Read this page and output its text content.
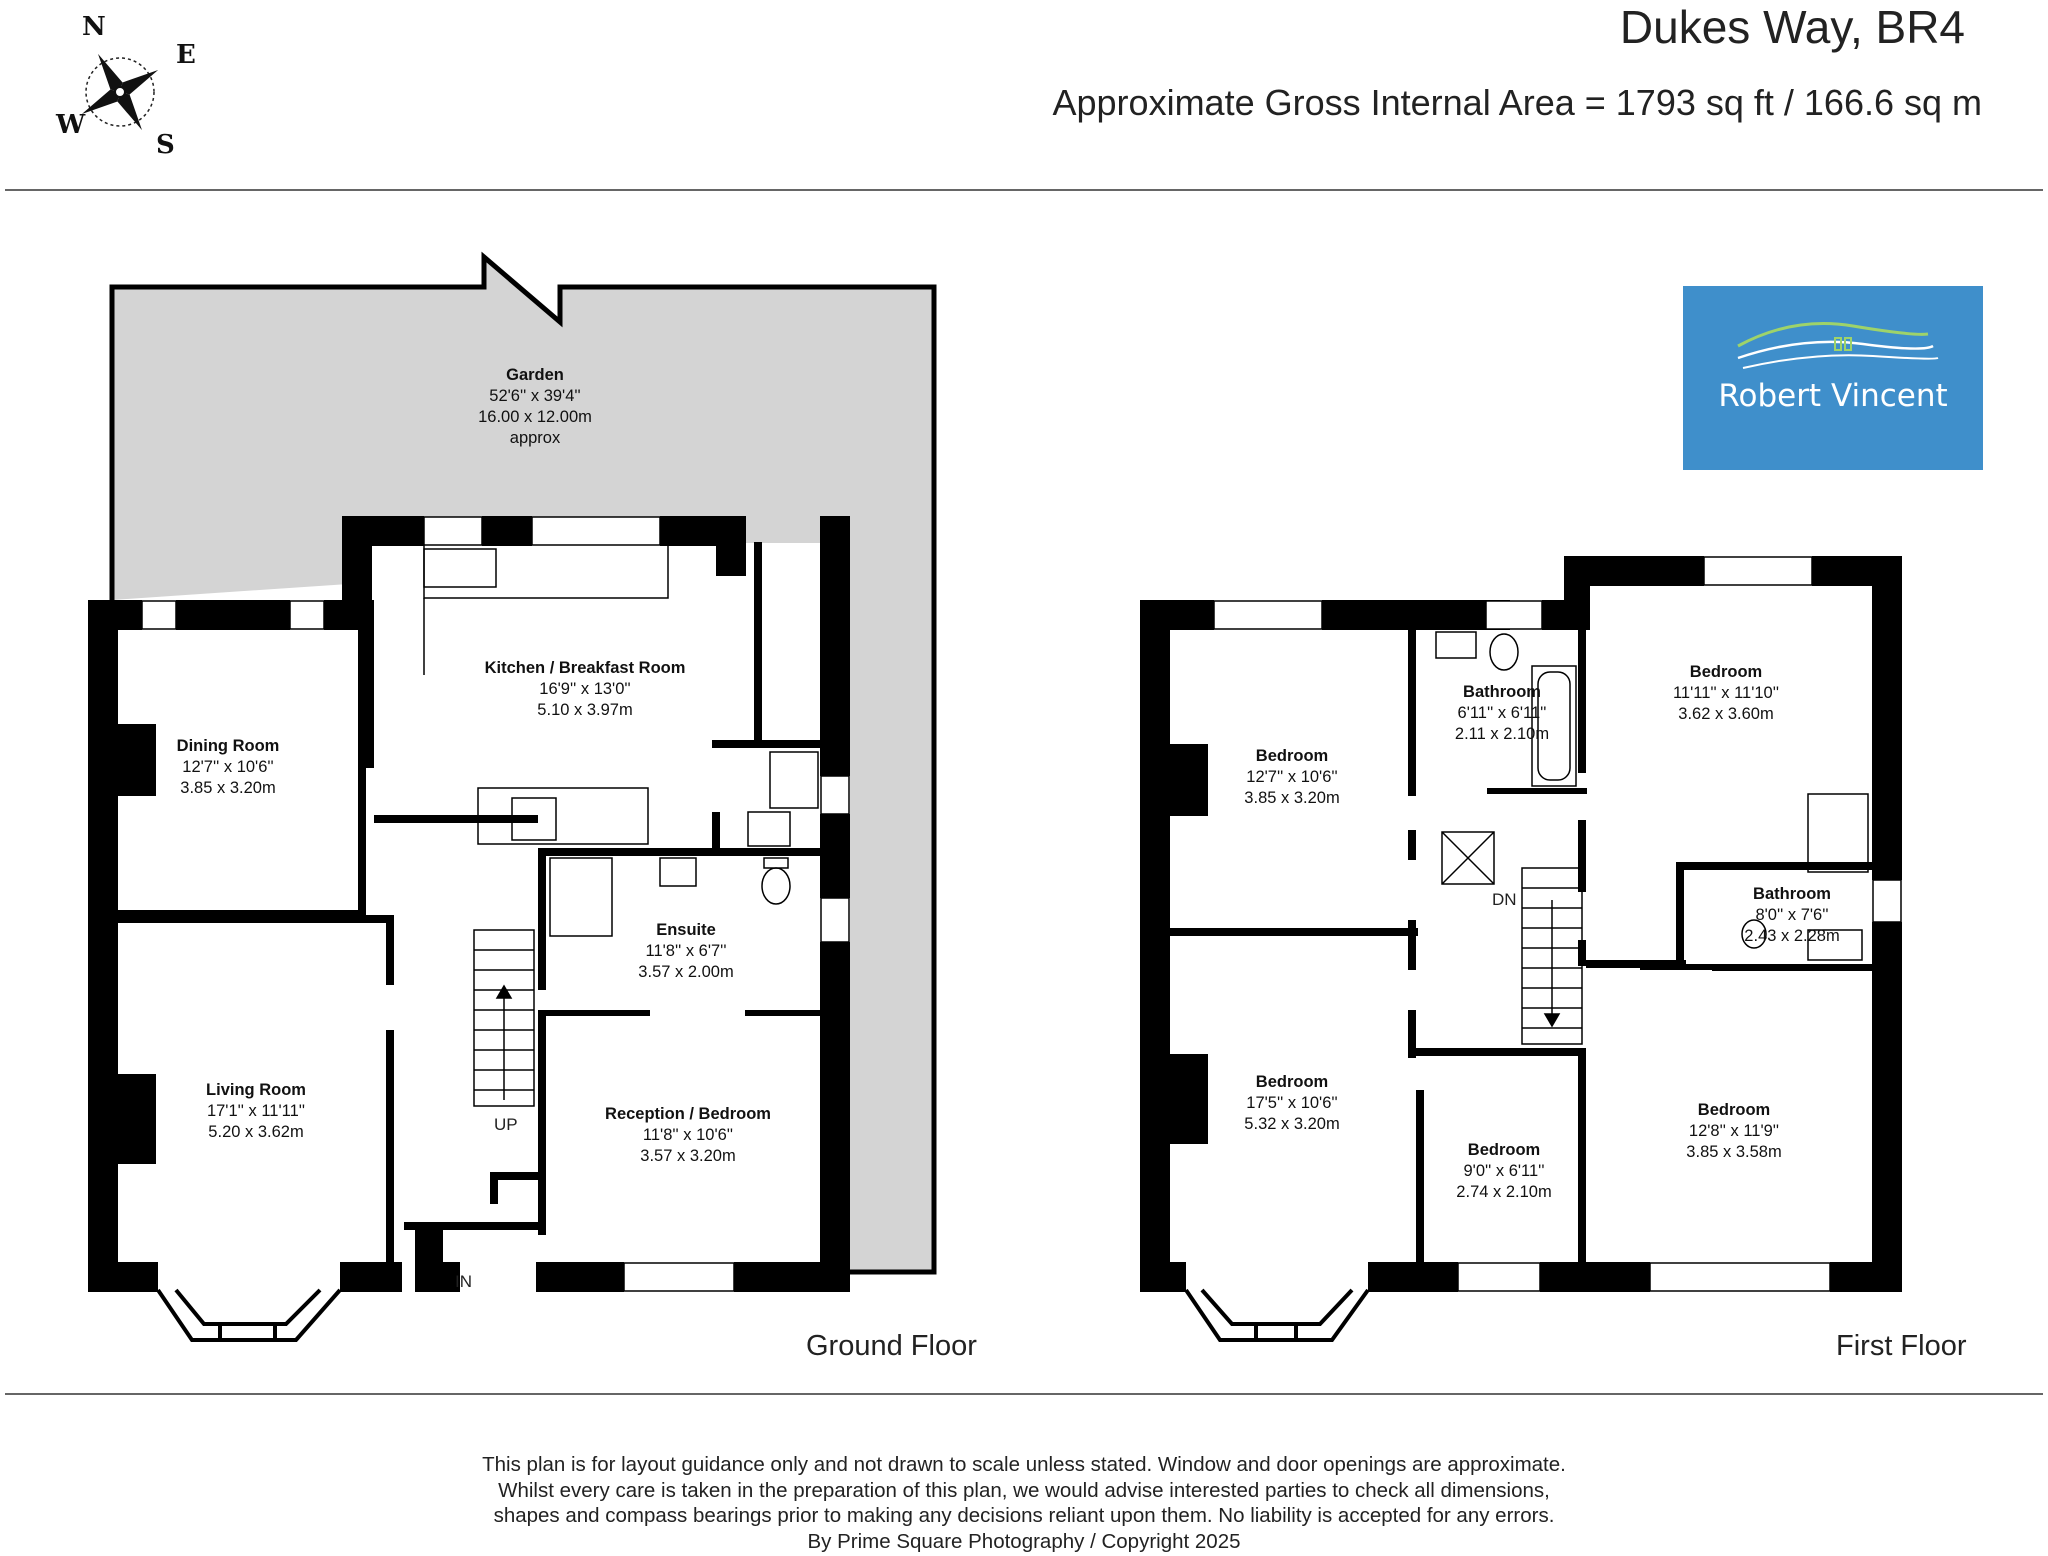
Dukes Way, BR4
Approximate Gross Internal Area = 1793 sq ft / 166.6 sq m
N
E
S
W
Robert Vincent
Garden
52'6'' x 39'4''
16.00 x 12.00m
approx
Kitchen / Breakfast Room
16'9'' x 13'0''
5.10 x 3.97m
Dining Room
12'7'' x 10'6''
3.85 x 3.20m
Ensuite
11'8'' x 6'7''
3.57 x 2.00m
Living Room
17'1'' x 11'11''
5.20 x 3.62m
Reception / Bedroom
11'8'' x 10'6''
3.57 x 3.20m
UP
IN
Bedroom
12'7'' x 10'6''
3.85 x 3.20m
Bathroom
6'11'' x 6'11''
2.11 x 2.10m
Bedroom
11'11'' x 11'10''
3.62 x 3.60m
Bathroom
8'0'' x 7'6''
2.43 x 2.28m
Bedroom
17'5'' x 10'6''
5.32 x 3.20m
Bedroom
9'0'' x 6'11''
2.74 x 2.10m
Bedroom
12'8'' x 11'9''
3.85 x 3.58m
DN
Ground Floor	First Floor
This plan is for layout guidance only and not drawn to scale unless stated. Window and door openings are approximate.
Whilst every care is taken in the preparation of this plan, we would advise interested parties to check all dimensions,
shapes and compass bearings prior to making any decisions reliant upon them. No liability is accepted for any errors.
By Prime Square Photography / Copyright 2025
